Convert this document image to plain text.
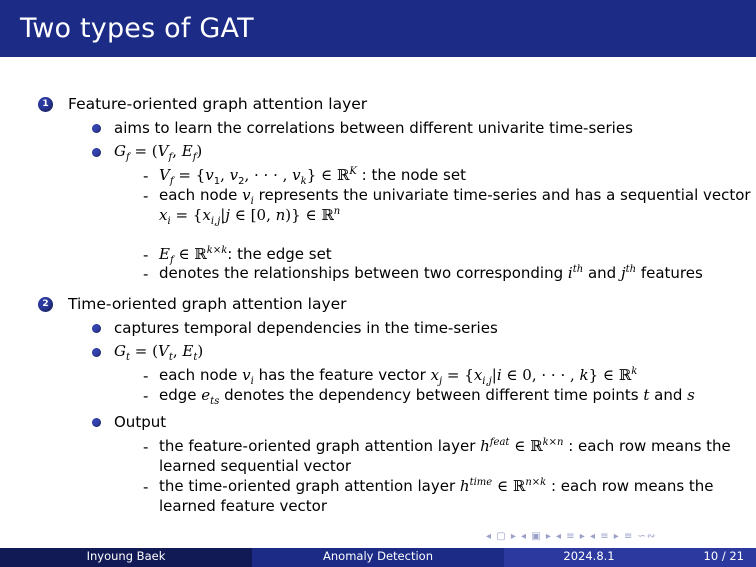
Two types of GAT
1 Feature-oriented graph attention layer
aims to learn the correlations between different univarite time-series
$G_f = (V_f$, $E_f$)
- $V_f = \{v_1$, $v_2$, · · · , $v_k$} ∈ ℝ$^K$ : the node set
- each node $v_i$ represents the univariate time-series and has a sequential vector
$x_i = \{x_{i,j}|j$ ∈ [0, n)} ∈ ℝ$^n$
- $E_f$ ∈ ℝ$^{k\times k}$: the edge set
- denotes the relationships between two corresponding $i^{th}$ and $j^{th}$ features
2 Time-oriented graph attention layer
captures temporal dependencies in the time-series
$G_t = (V_t$, $E_t$)
- each node $v_i$ has the feature vector $x_j = \{x_{i,j}|i$ ∈ 0, · · · , k} ∈ ℝ$^k$
- edge $e_{ts}$ denotes the dependency between different time points t and s
Output
- the feature-oriented graph attention layer $h^{feat}$ ∈ ℝ$^{k\times n}$ : each row means the
learned sequential vector
- the time-oriented graph attention layer $h^{time}$ ∈ ℝ$^{n\times k}$ : each row means the
learned feature vector
◂ ▢ ▸ ◂ ▣ ▸ ◂ ≡ ▸ ◂ ≡ ▸ ≡ ∽∾
Inyoung Baek	Anomaly Detection	2024.8.1	10 / 21
